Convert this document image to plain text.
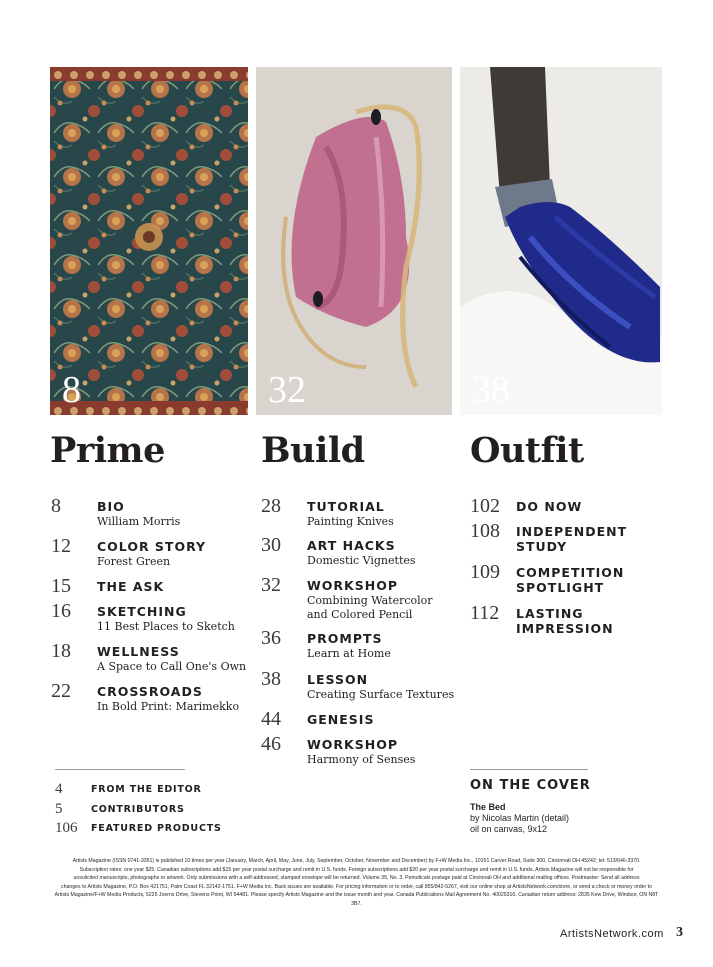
8	32	38
Prime	Build	Outfit
8	BIO
William Morris
12 COLOR STORY
Forest Green
15 THE ASK
16 SKETCHING
11 Best Places to Sketch
18 WELLNESS
A Space to Call One's Own
22 CROSSROADS
In Bold Print: Marimekko
28 TUTORIAL
Painting Knives
30 ART HACKS
Domestic Vignettes
32 WORKSHOP
Combining Watercolor
and Colored Pencil
36 PROMPTS
Learn at Home
38 LESSON
Creating Surface Textures
44 GENESIS
46 WORKSHOP
Harmony of Senses
102 DO NOW
108 INDEPENDENT
STUDY
109 COMPETITION
SPOTLIGHT
112 LASTING
IMPRESSION
4	FROM THE EDITOR
5	CONTRIBUTORS
106 FEATURED PRODUCTS
ON THE COVER
The Bed
by Nicolas Martin (detail)
oil on canvas, 9x12
Artists Magazine (ISSN 0741-3351) is published 10 times per year (January, March, April, May, June, July, September, October, November and December) by F+W Media Inc., 10151 Carver Road, Suite 300, Cincinnati OH 45242; tel: 513/646-3370.
Subscription rates: one year $25. Canadian subscriptions add $15 per year postal surcharge and remit in U.S. funds. Foreign subscriptions add $20 per year postal surcharge and remit in U.S. funds. Artists Magazine will not be responsible for
unsolicited manuscripts, photographs or artwork. Only submissions with a self-addressed, stamped envelope will be returned. Volume 35, No. 3. Periodicals postage paid at Cincinnati OH and additional mailing offices. Postmaster: Send all address
changes to Artists Magazine, P.O. Box 421751, Palm Coast FL 32142-1751. F+W Media Inc. Back issues are available. For pricing information or to order, call 855/842-5267, visit our online shop at ArtistsNetwork.com/store, or send a check or money order to
Artists Magazine/F+W Media Products, 5225 Joerns Drive, Stevens Point, WI 54481. Please specify Artists Magazine and the issue month and year. Canada Publications Mail Agreement No. 40025316. Canadian return address: 2835 Kew Drive, Windsor, ON N8T 3B7.
ArtistsNetwork.com 3
